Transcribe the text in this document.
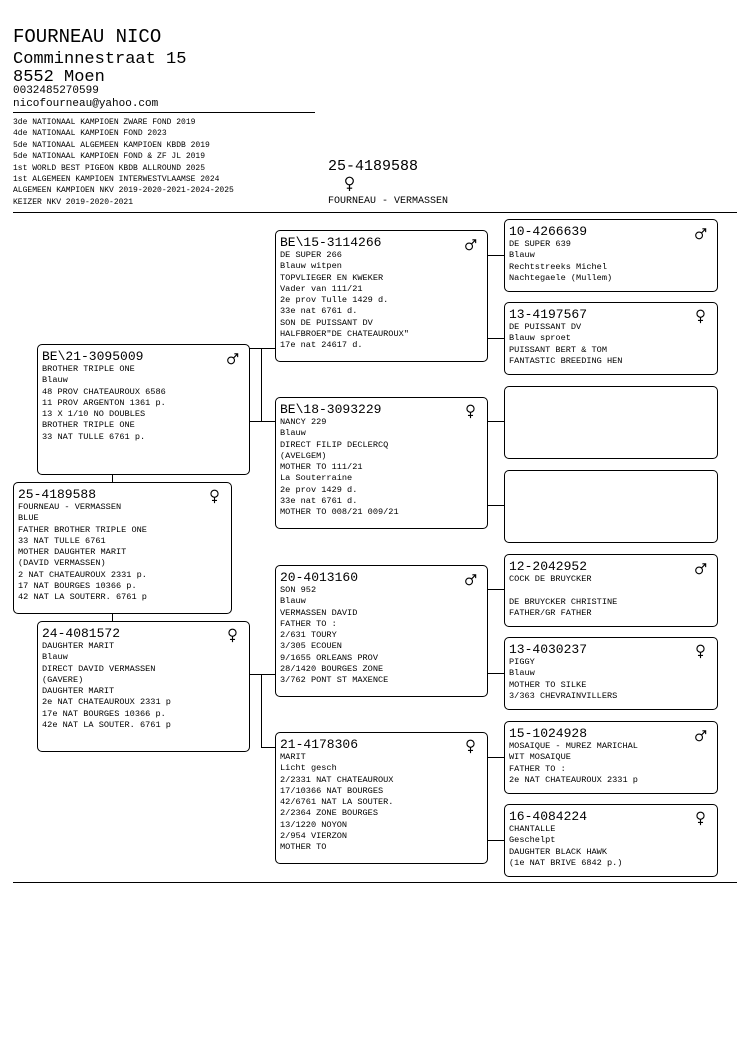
FOURNEAU NICO
Comminnestraat 15
8552 Moen
0032485270599
nicofourneau@yahoo.com
3de NATIONAAL KAMPIOEN ZWARE FOND 2019
4de NATIONAAL KAMPIOEN FOND 2023
5de NATIONAAL ALGEMEEN KAMPIOEN KBDB 2019
5de NATIONAAL KAMPIOEN FOND & ZF JL 2019
1st WORLD BEST PIGEON KBDB ALLROUND 2025
1st ALGEMEEN KAMPIOEN INTERWESTVLAAMSE 2024
ALGEMEEN KAMPIOEN NKV 2019-2020-2021-2024-2025
KEIZER NKV 2019-2020-2021
25-4189588
FOURNEAU - VERMASSEN
BE\21-3095009
BROTHER TRIPLE ONE
Blauw
48 PROV CHATEAUROUX 6586
11 PROV ARGENTON 1361 p.
13 X 1/10 NO DOUBLES
BROTHER TRIPLE ONE
33 NAT TULLE 6761 p.
25-4189588
FOURNEAU - VERMASSEN
BLUE
FATHER BROTHER TRIPLE ONE
33 NAT TULLE 6761
MOTHER DAUGHTER MARIT
(DAVID VERMASSEN)
2 NAT CHATEAUROUX 2331 p.
17 NAT BOURGES 10366 p.
42 NAT LA SOUTERR. 6761 p
24-4081572
DAUGHTER MARIT
Blauw
DIRECT DAVID VERMASSEN
(GAVERE)
DAUGHTER MARIT
2e NAT CHATEAUROUX 2331 p
17e NAT BOURGES 10366 p.
42e NAT LA SOUTER. 6761 p
BE\15-3114266
DE SUPER 266
Blauw witpen
TOPVLIEGER EN KWEKER
Vader van 111/21
2e prov Tulle 1429 d.
33e nat 6761 d.
SON DE PUISSANT DV
HALFBROER"DE CHATEAUROUX"
17e nat 24617 d.
BE\18-3093229
NANCY 229
Blauw
DIRECT FILIP DECLERCQ
(AVELGEM)
MOTHER TO 111/21
La Souterraine
2e prov 1429 d.
33e nat 6761 d.
MOTHER TO 008/21 009/21
20-4013160
SON 952
Blauw
VERMASSEN DAVID
FATHER TO :
2/631 TOURY
3/305 ECOUEN
9/1655 ORLEANS PROV
28/1420 BOURGES ZONE
3/762 PONT ST MAXENCE
21-4178306
MARIT
Licht gesch
2/2331 NAT CHATEAUROUX
17/10366 NAT BOURGES
42/6761 NAT LA SOUTER.
2/2364 ZONE BOURGES
13/1220 NOYON
2/954 VIERZON
MOTHER TO
10-4266639
DE SUPER 639
Blauw
Rechtstreeks Michel
Nachtegaele (Mullem)
13-4197567
DE PUISSANT DV
Blauw sproet
PUISSANT BERT & TOM
FANTASTIC BREEDING HEN
12-2042952
COCK DE BRUYCKER

DE BRUYCKER CHRISTINE
FATHER/GR FATHER
13-4030237
PIGGY
Blauw
MOTHER TO SILKE
3/363 CHEVRAINVILLERS
15-1024928
MOSAIQUE - MUREZ MARICHAL
WIT MOSAIQUE
FATHER TO :
2e NAT CHATEAUROUX 2331 p
16-4084224
CHANTALLE
Geschelpt
DAUGHTER BLACK HAWK
(1e NAT BRIVE 6842 p.)
